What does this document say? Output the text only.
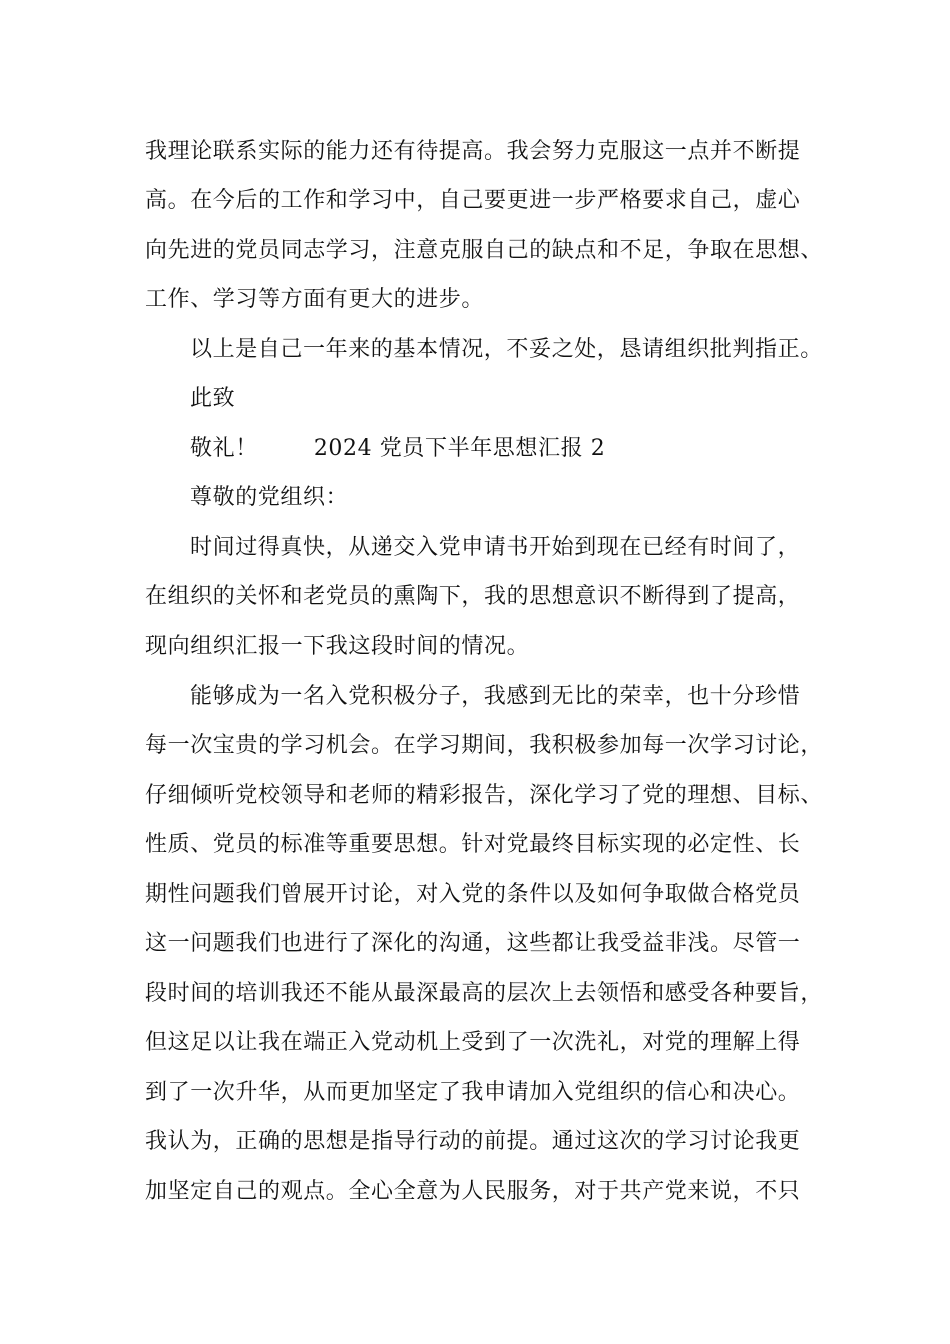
我理论联系实际的能力还有待提高。我会努力克服这一点并不断提
高。在今后的工作和学习中，自己要更进一步严格要求自己，虚心
向先进的党员同志学习，注意克服自己的缺点和不足，争取在思想、
工作、学习等方面有更大的进步。
以上是自己一年来的基本情况，不妥之处，恳请组织批判指正。
此致
敬礼！	2024 党员下半年思想汇报 2
尊敬的党组织：
时间过得真快，从递交入党申请书开始到现在已经有时间了，
在组织的关怀和老党员的熏陶下，我的思想意识不断得到了提高，
现向组织汇报一下我这段时间的情况。
能够成为一名入党积极分子，我感到无比的荣幸，也十分珍惜
每一次宝贵的学习机会。在学习期间，我积极参加每一次学习讨论，
仔细倾听党校领导和老师的精彩报告，深化学习了党的理想、目标、
性质、党员的标准等重要思想。针对党最终目标实现的必定性、长
期性问题我们曾展开讨论，对入党的条件以及如何争取做合格党员
这一问题我们也进行了深化的沟通，这些都让我受益非浅。尽管一
段时间的培训我还不能从最深最高的层次上去领悟和感受各种要旨，
但这足以让我在端正入党动机上受到了一次洗礼，对党的理解上得
到了一次升华，从而更加坚定了我申请加入党组织的信心和决心。
我认为，正确的思想是指导行动的前提。通过这次的学习讨论我更
加坚定自己的观点。全心全意为人民服务，对于共产党来说，不只
